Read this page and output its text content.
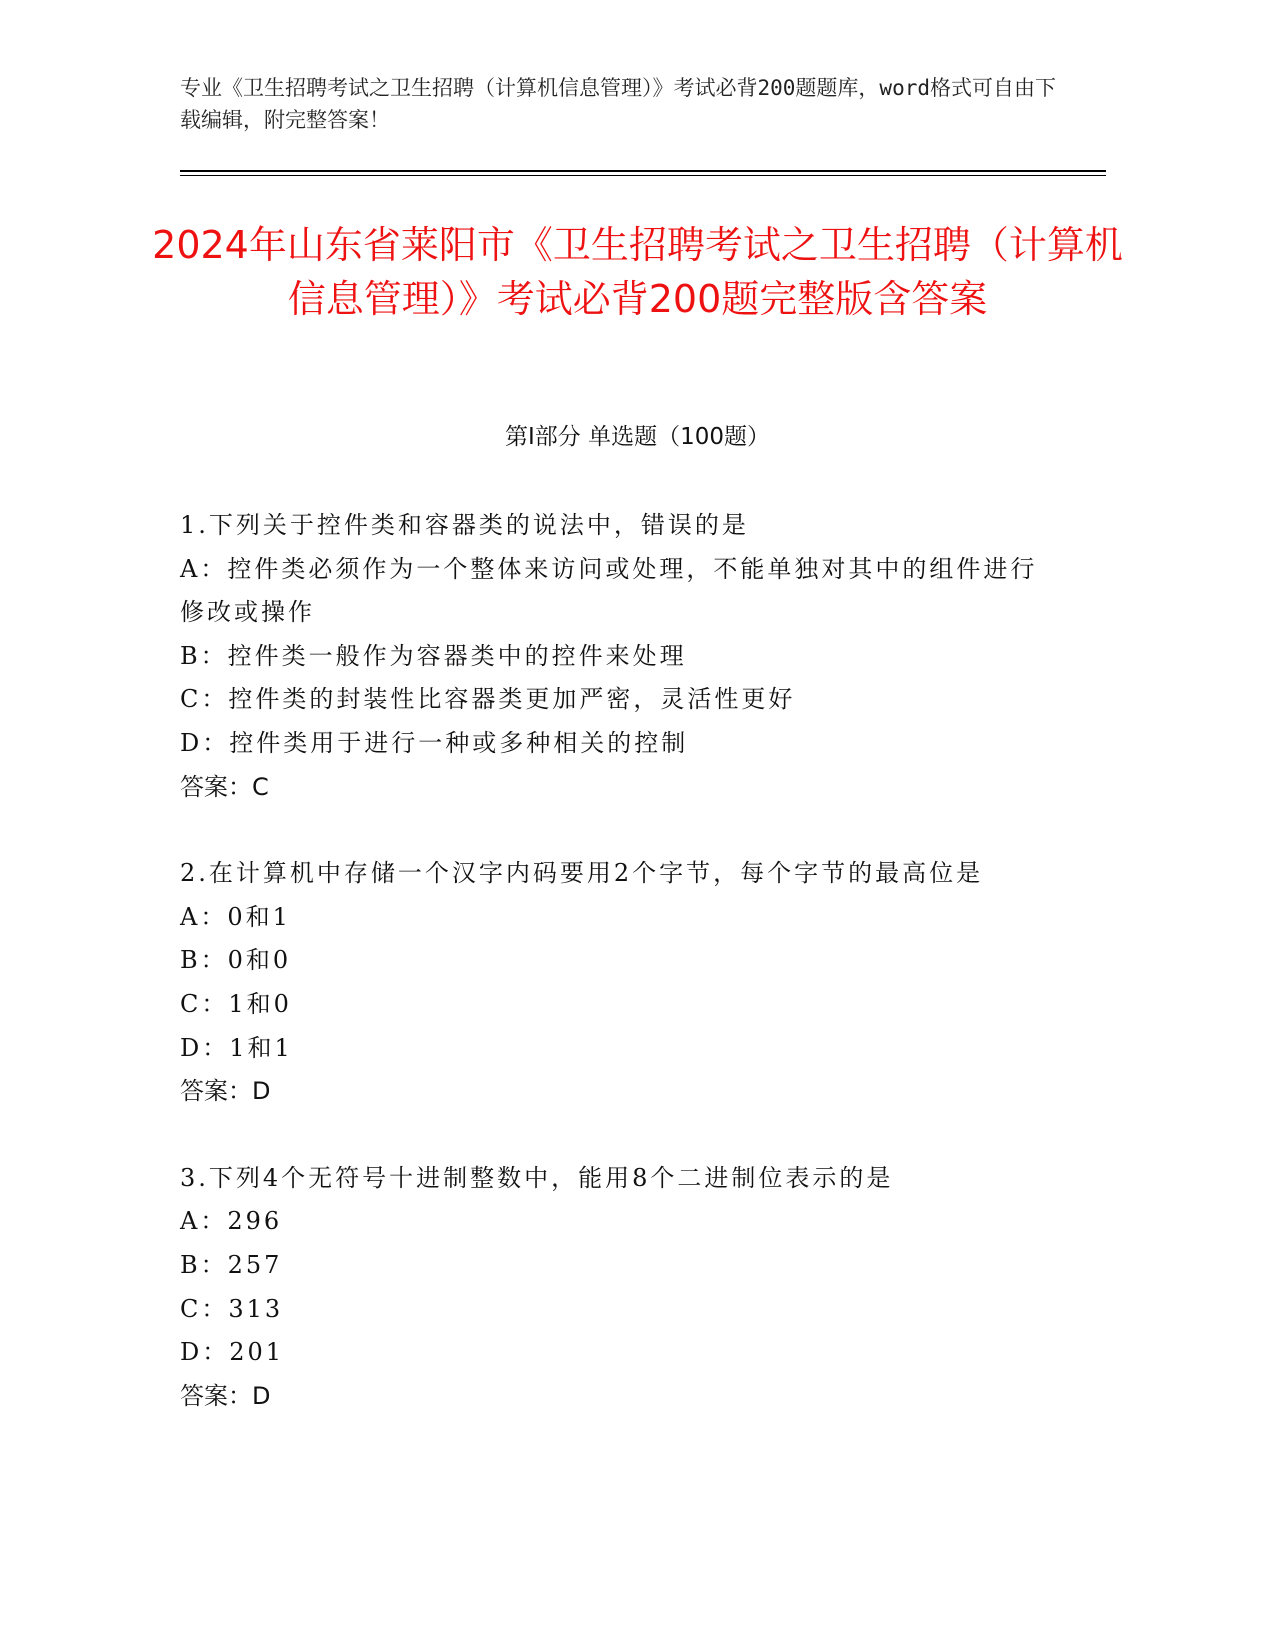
专业《卫生招聘考试之卫生招聘（计算机信息管理）》考试必背200题题库，word格式可自由下载编辑，附完整答案！
2024年山东省莱阳市《卫生招聘考试之卫生招聘（计算机信息管理）》考试必背200题完整版含答案
第Ⅰ部分 单选题（100题）
1.下列关于控件类和容器类的说法中，错误的是
A：控件类必须作为一个整体来访问或处理，不能单独对其中的组件进行修改或操作
B：控件类一般作为容器类中的控件来处理
C：控件类的封装性比容器类更加严密，灵活性更好
D：控件类用于进行一种或多种相关的控制
答案：C
2.在计算机中存储一个汉字内码要用2个字节，每个字节的最高位是
A：0和1
B：0和0
C：1和0
D：1和1
答案：D
3.下列4个无符号十进制整数中，能用8个二进制位表示的是
A：296
B：257
C：313
D：201
答案：D
